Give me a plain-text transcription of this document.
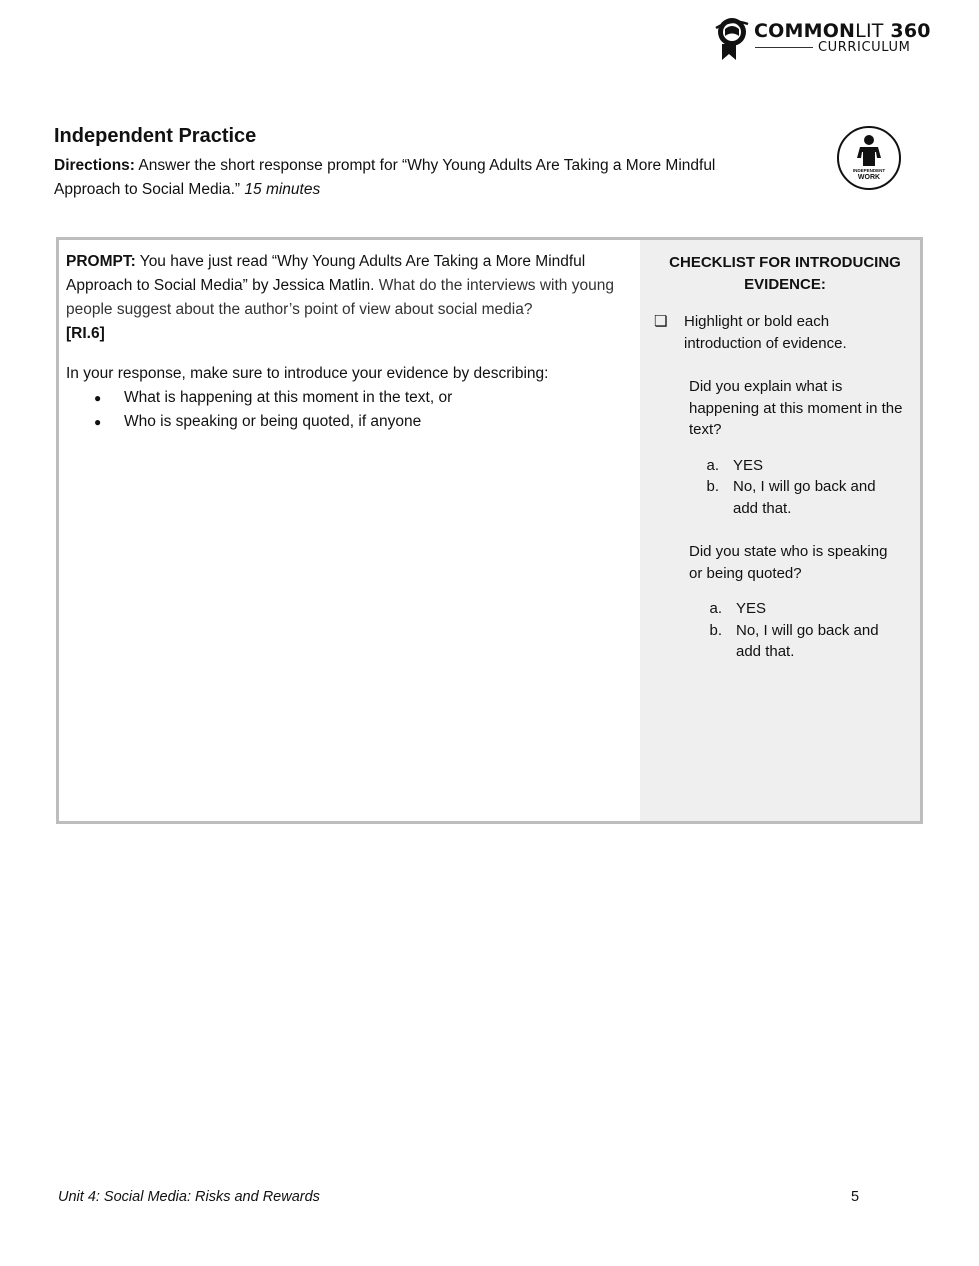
COMMONLIT 360
CURRICULUM
Independent Practice
Directions: Answer the short response prompt for “Why Young Adults Are Taking a More Mindful Approach to Social Media.” 15 minutes
INDEPENDENT
WORK
PROMPT: You have just read “Why Young Adults Are Taking a More Mindful Approach to Social Media” by Jessica Matlin. What do the interviews with young people suggest about the author’s point of view about social media?
[RI.6]
In your response, make sure to introduce your evidence by describing:
● What is happening at this moment in the text, or
● Who is speaking or being quoted, if anyone
CHECKLIST FOR INTRODUCING EVIDENCE:
❏	Highlight or bold each introduction of evidence.
Did you explain what is happening at this moment in the text?
a. YES
b. No, I will go back and add that.
Did you state who is speaking or being quoted?
a. YES
b. No, I will go back and add that.
Unit 4: Social Media: Risks and Rewards	5
